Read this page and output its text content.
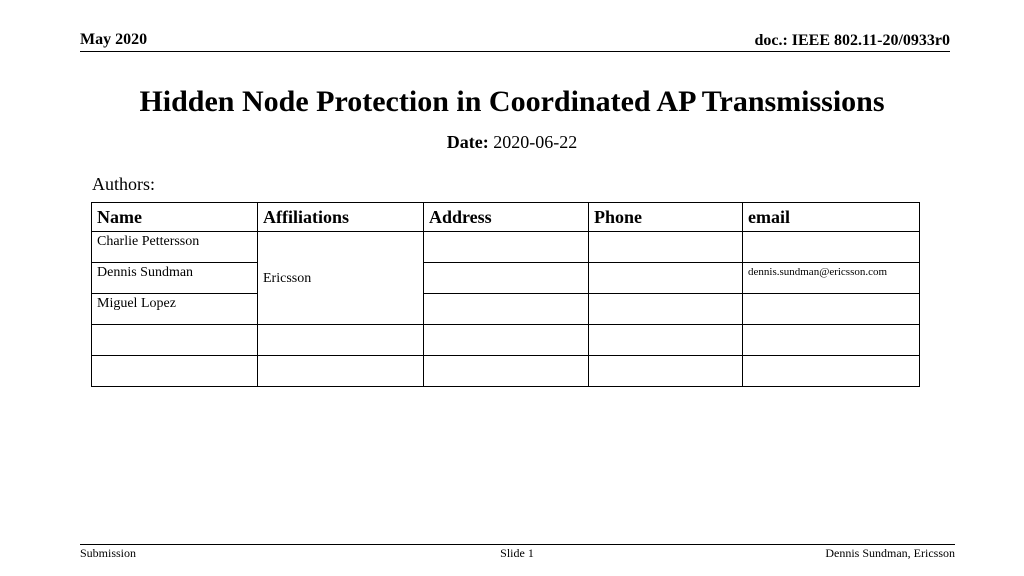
May 2020	doc.: IEEE 802.11-20/0933r0
Hidden Node Protection in Coordinated AP Transmissions
Date: 2020-06-22
Authors:
Name	Affiliations	Address	Phone	email
Charlie Pettersson	Ericsson			
Dennis Sundman				dennis.sundman@ericsson.com
Miguel Lopez				

Submission	Slide 1	Dennis Sundman, Ericsson
